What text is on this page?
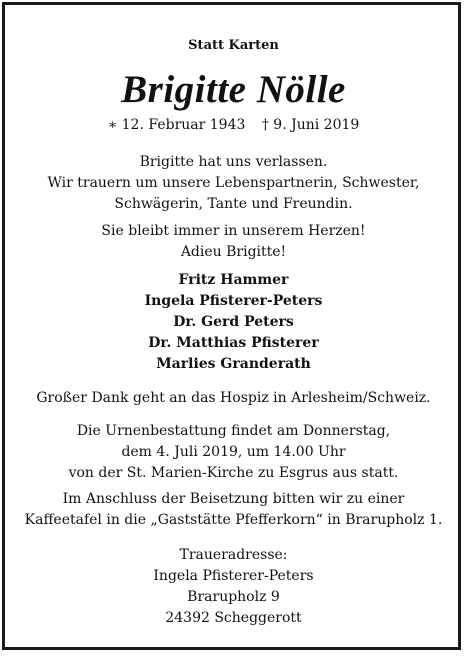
Statt Karten
Brigitte Nölle
∗ 12. Februar 1943 † 9. Juni 2019
Brigitte hat uns verlassen.
Wir trauern um unsere Lebenspartnerin, Schwester,
Schwägerin, Tante und Freundin.
Sie bleibt immer in unserem Herzen!
Adieu Brigitte!
Fritz Hammer
Ingela Pfisterer-Peters
Dr. Gerd Peters
Dr. Matthias Pfisterer
Marlies Granderath
Großer Dank geht an das Hospiz in Arlesheim/Schweiz.
Die Urnenbestattung findet am Donnerstag,
dem 4. Juli 2019, um 14.00 Uhr
von der St. Marien-Kirche zu Esgrus aus statt.
Im Anschluss der Beisetzung bitten wir zu einer
Kaffeetafel in die „Gaststätte Pfefferkorn“ in Brarupholz 1.
Traueradresse:
Ingela Pfisterer-Peters
Brarupholz 9
24392 Scheggerott
